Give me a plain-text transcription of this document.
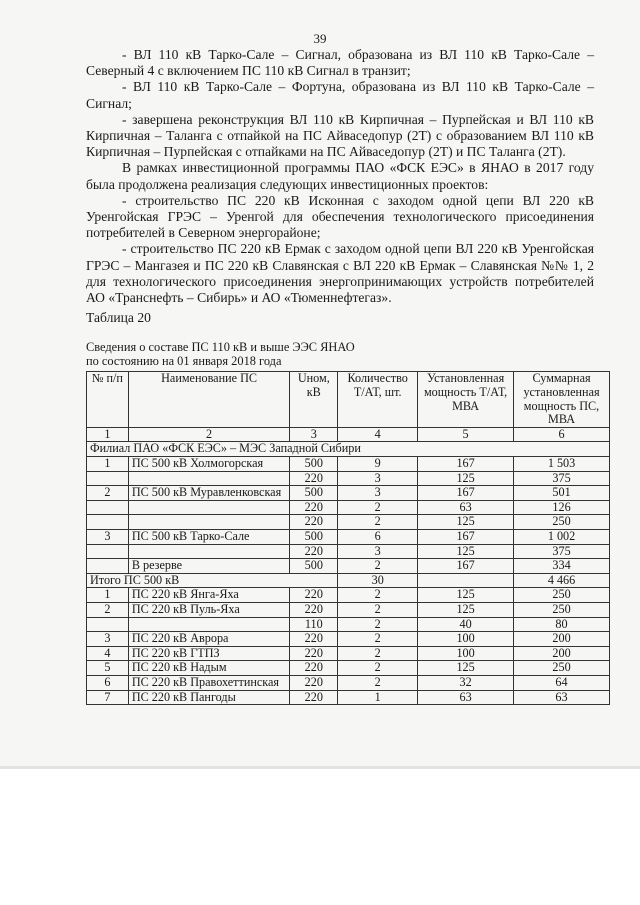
39

- ВЛ 110 кВ Тарко-Сале – Сигнал, образована из ВЛ 110 кВ Тарко-Сале – Северный 4 с включением ПС 110 кВ Сигнал в транзит;

- ВЛ 110 кВ Тарко-Сале – Фортуна, образована из ВЛ 110 кВ Тарко-Сале – Сигнал;

- завершена реконструкция ВЛ 110 кВ Кирпичная – Пурпейская и ВЛ 110 кВ Кирпичная – Таланга с отпайкой на ПС Айваседопур (2Т) с образованием ВЛ 110 кВ Кирпичная – Пурпейская с отпайками на ПС Айваседопур (2Т) и ПС Таланга (2Т).

В рамках инвестиционной программы ПАО «ФСК ЕЭС» в ЯНАО в 2017 году была продолжена реализация следующих инвестиционных проектов:

- строительство ПС 220 кВ Исконная с заходом одной цепи ВЛ 220 кВ Уренгойская ГРЭС – Уренгой для обеспечения технологического присоединения потребителей в Северном энергорайоне;

- строительство ПС 220 кВ Ермак с заходом одной цепи ВЛ 220 кВ Уренгойская ГРЭС – Мангазея и ПС 220 кВ Славянская с ВЛ 220 кВ Ермак – Славянская №№ 1, 2 для технологического присоединения энергопринимающих устройств потребителей АО «Транснефть – Сибирь» и АО «Тюменнефтегаз».

Таблица 20

Сведения о составе ПС 110 кВ и выше ЭЭС ЯНАО
по состоянию на 01 января 2018 года

№ п/п	Наименование ПС	Uном, кВ	Количество Т/АТ, шт.	Установленная мощность Т/АТ, МВА	Суммарная установленная мощность ПС, МВА
1	2	3	4	5	6
Филиал ПАО «ФСК ЕЭС» – МЭС Западной Сибири					
1	ПС 500 кВ Холмогорская	500	9	167	1 503
		220	3	125	375
2	ПС 500 кВ Муравленковская	500	3	167	501
		220	2	63	126
		220	2	125	250
3	ПС 500 кВ Тарко-Сале	500	6	167	1 002
		220	3	125	375
	В резерве	500	2	167	334
Итого ПС 500 кВ			30		4 466
1	ПС 220 кВ Янга-Яха	220	2	125	250
2	ПС 220 кВ Пуль-Яха	220	2	125	250
		110	2	40	80
3	ПС 220 кВ Аврора	220	2	100	200
4	ПС 220 кВ ГТПЗ	220	2	100	200
5	ПС 220 кВ Надым	220	2	125	250
6	ПС 220 кВ Правохеттинская	220	2	32	64
7	ПС 220 кВ Пангоды	220	1	63	63
